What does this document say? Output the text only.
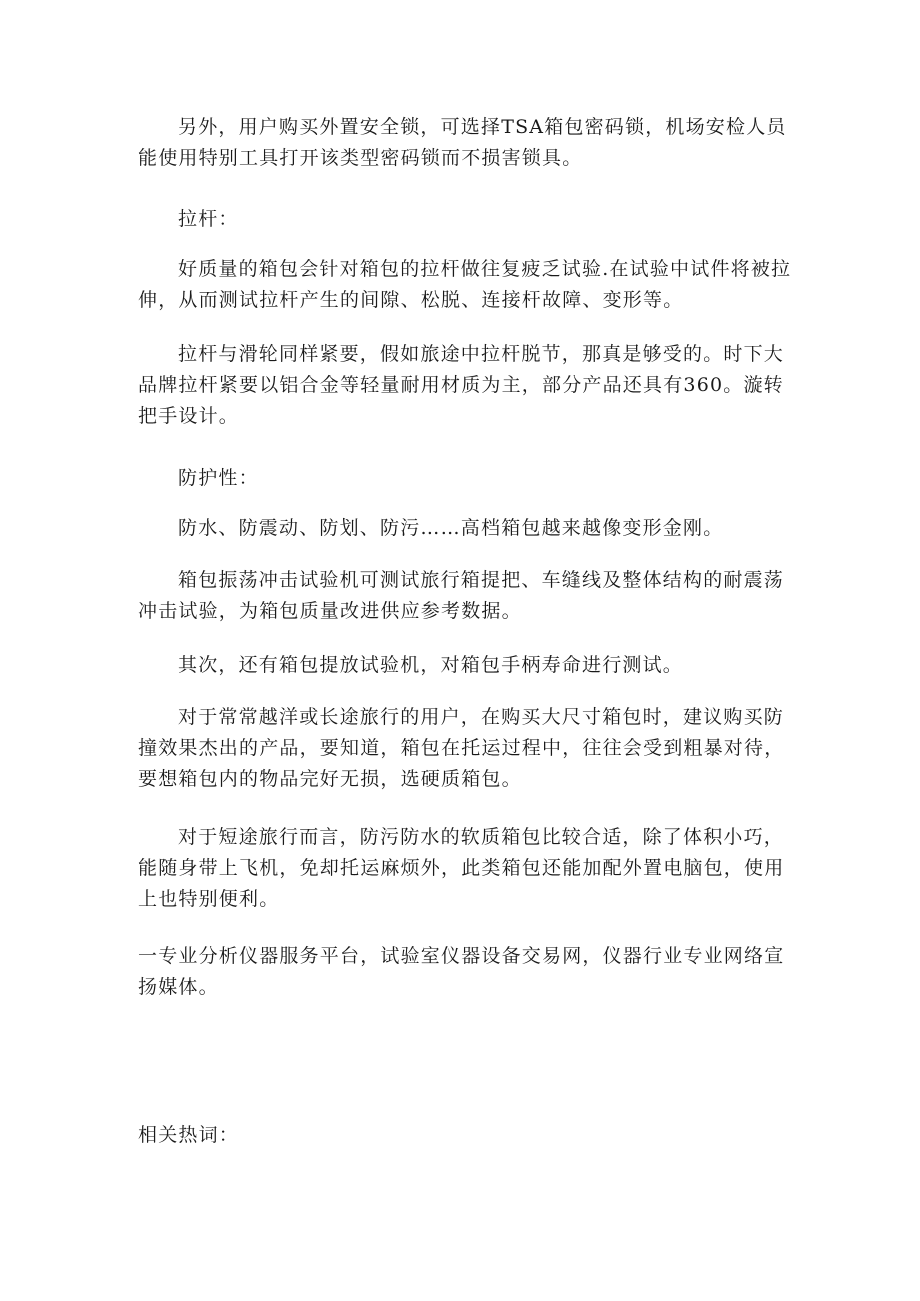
另外，用户购买外置安全锁，可选择TSA箱包密码锁，机场安检人员能使用特别工具打开该类型密码锁而不损害锁具。

拉杆：

好质量的箱包会针对箱包的拉杆做往复疲乏试验.在试验中试件将被拉伸，从而测试拉杆产生的间隙、松脱、连接杆故障、变形等。

拉杆与滑轮同样紧要，假如旅途中拉杆脱节，那真是够受的。时下大品牌拉杆紧要以铝合金等轻量耐用材质为主，部分产品还具有360。漩转把手设计。

防护性：

防水、防震动、防划、防污……高档箱包越来越像变形金刚。

箱包振荡冲击试验机可测试旅行箱提把、车缝线及整体结构的耐震荡冲击试验，为箱包质量改进供应参考数据。

其次，还有箱包提放试验机，对箱包手柄寿命进行测试。

对于常常越洋或长途旅行的用户，在购买大尺寸箱包时，建议购买防撞效果杰出的产品，要知道，箱包在托运过程中，往往会受到粗暴对待，要想箱包内的物品完好无损，选硬质箱包。

对于短途旅行而言，防污防水的软质箱包比较合适，除了体积小巧，能随身带上飞机，免却托运麻烦外，此类箱包还能加配外置电脑包，使用上也特别便利。

一专业分析仪器服务平台，试验室仪器设备交易网，仪器行业专业网络宣扬媒体。

相关热词：
